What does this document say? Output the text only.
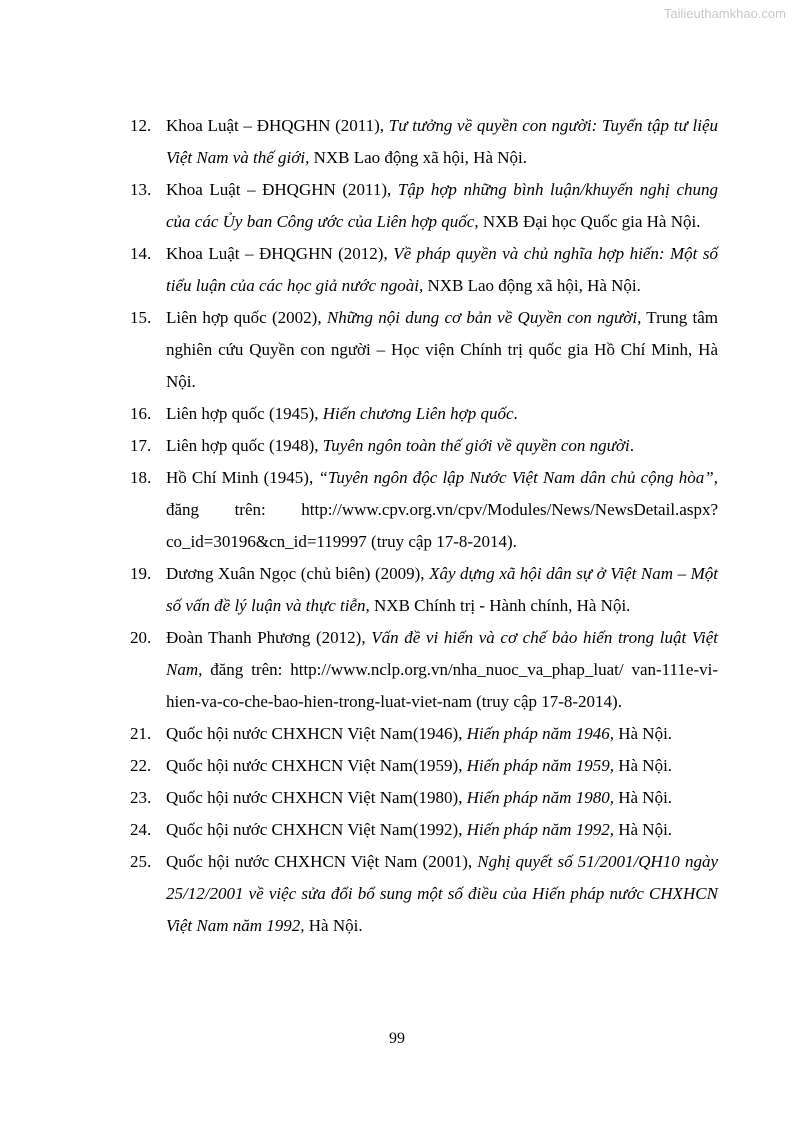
Tailieuthamkhao.com
12. Khoa Luật – ĐHQGHN (2011), Tư tưởng về quyền con người: Tuyển tập tư liệu Việt Nam và thế giới, NXB Lao động xã hội, Hà Nội.
13. Khoa Luật – ĐHQGHN (2011), Tập hợp những bình luận/khuyến nghị chung của các Ủy ban Công ước của Liên hợp quốc, NXB Đại học Quốc gia Hà Nội.
14. Khoa Luật – ĐHQGHN (2012), Về pháp quyền và chủ nghĩa hợp hiến: Một số tiểu luận của các học giả nước ngoài, NXB Lao động xã hội, Hà Nội.
15. Liên hợp quốc (2002), Những nội dung cơ bản về Quyền con người, Trung tâm nghiên cứu Quyền con người – Học viện Chính trị quốc gia Hồ Chí Minh, Hà Nội.
16. Liên hợp quốc (1945), Hiến chương Liên hợp quốc.
17. Liên hợp quốc (1948), Tuyên ngôn toàn thế giới về quyền con người.
18. Hồ Chí Minh (1945), “Tuyên ngôn độc lập Nước Việt Nam dân chủ cộng hòa”, đăng trên: http://www.cpv.org.vn/cpv/Modules/News/NewsDetail.aspx?co_id=30196&cn_id=119997 (truy cập 17-8-2014).
19. Dương Xuân Ngọc (chủ biên) (2009), Xây dựng xã hội dân sự ở Việt Nam – Một số vấn đề lý luận và thực tiễn, NXB Chính trị - Hành chính, Hà Nội.
20. Đoàn Thanh Phương (2012), Vấn đề vi hiến và cơ chế bảo hiến trong luật Việt Nam, đăng trên: http://www.nclp.org.vn/nha_nuoc_va_phap_luat/ van-111e-vi-hien-va-co-che-bao-hien-trong-luat-viet-nam (truy cập 17-8-2014).
21. Quốc hội nước CHXHCN Việt Nam(1946), Hiến pháp năm 1946, Hà Nội.
22. Quốc hội nước CHXHCN Việt Nam(1959), Hiến pháp năm 1959, Hà Nội.
23. Quốc hội nước CHXHCN Việt Nam(1980), Hiến pháp năm 1980, Hà Nội.
24. Quốc hội nước CHXHCN Việt Nam(1992), Hiến pháp năm 1992, Hà Nội.
25. Quốc hội nước CHXHCN Việt Nam (2001), Nghị quyết số 51/2001/QH10 ngày 25/12/2001 về việc sửa đổi bổ sung một số điều của Hiến pháp nước CHXHCN Việt Nam năm 1992, Hà Nội.
99
